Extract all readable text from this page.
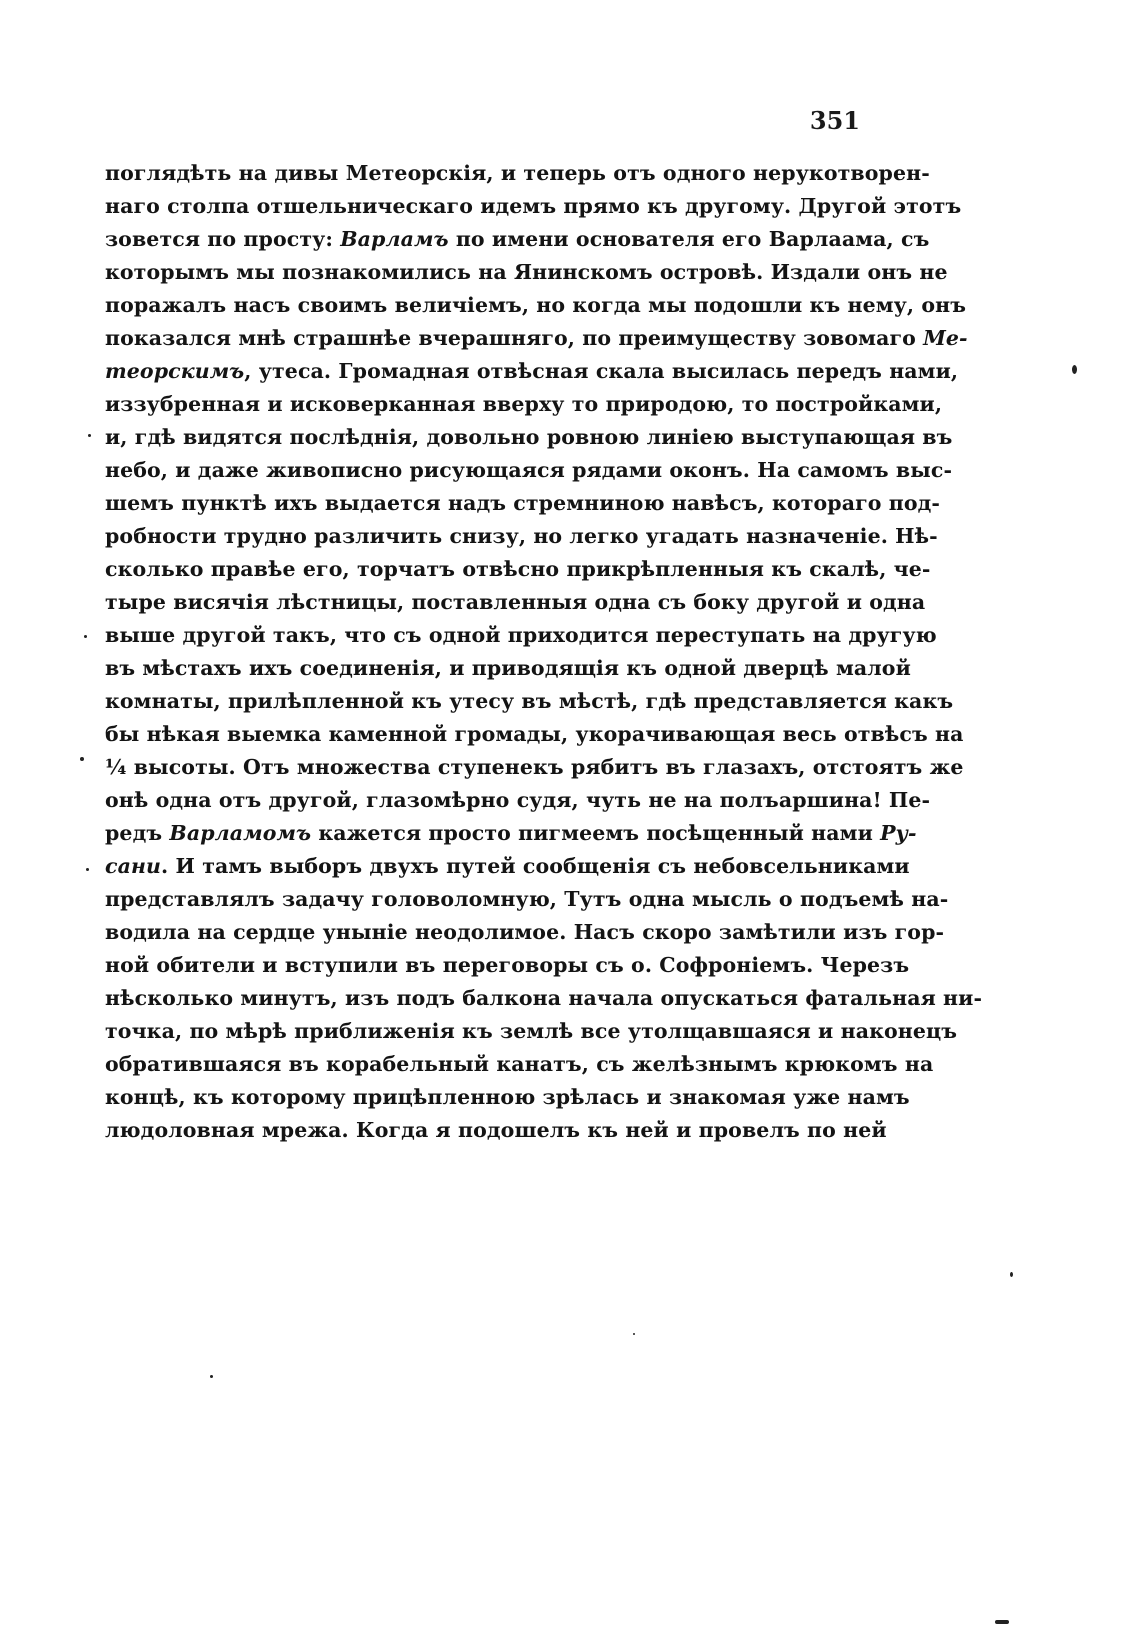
351
поглядѣть на дивы Метеорскія, и теперь отъ одного нерукотворен-
наго столпа отшельническаго идемъ прямо къ другому. Другой этотъ
зовется по просту: Варламъ по имени основателя его Варлаама, съ
которымъ мы познакомились на Янинскомъ островѣ. Издали онъ не
поражалъ насъ своимъ величіемъ, но когда мы подошли къ нему, онъ
показался мнѣ страшнѣе вчерашняго, по преимуществу зовомаго Ме-
теорскимъ, утеса. Громадная отвѣсная скала высилась передъ нами,
иззубренная и исковерканная вверху то природою, то постройками,
и, гдѣ видятся послѣднія, довольно ровною линіею выступающая въ
небо, и даже живописно рисующаяся рядами оконъ. На самомъ выс-
шемъ пунктѣ ихъ выдается надъ стремниною навѣсъ, котораго под-
робности трудно различить снизу, но легко угадать назначеніе. Нѣ-
сколько правѣе его, торчатъ отвѣсно прикрѣпленныя къ скалѣ, че-
тыре висячія лѣстницы, поставленныя одна съ боку другой и одна
выше другой такъ, что съ одной приходится переступать на другую
въ мѣстахъ ихъ соединенія, и приводящія къ одной дверцѣ малой
комнаты, прилѣпленной къ утесу въ мѣстѣ, гдѣ представляется какъ
бы нѣкая выемка каменной громады, укорачивающая весь отвѣсъ на
¼ высоты. Отъ множества ступенекъ рябитъ въ глазахъ, отстоятъ же
онѣ одна отъ другой, глазомѣрно судя, чуть не на полъаршина! Пе-
редъ Варламомъ кажется просто пигмеемъ посѣщенный нами Ру-
сани. И тамъ выборъ двухъ путей сообщенія съ небовсельниками
представлялъ задачу головоломную, Тутъ одна мысль о подъемѣ на-
водила на сердце уныніе неодолимое. Насъ скоро замѣтили изъ гор-
ной обители и вступили въ переговоры съ о. Софроніемъ. Черезъ
нѣсколько минутъ, изъ подъ балкона начала опускаться фатальная ни-
точка, по мѣрѣ приближенія къ землѣ все утолщавшаяся и наконецъ
обратившаяся въ корабельный канатъ, съ желѣзнымъ крюкомъ на
концѣ, къ которому прицѣпленною зрѣлась и знакомая уже намъ
людоловная мрежа. Когда я подошелъ къ ней и провелъ по ней
